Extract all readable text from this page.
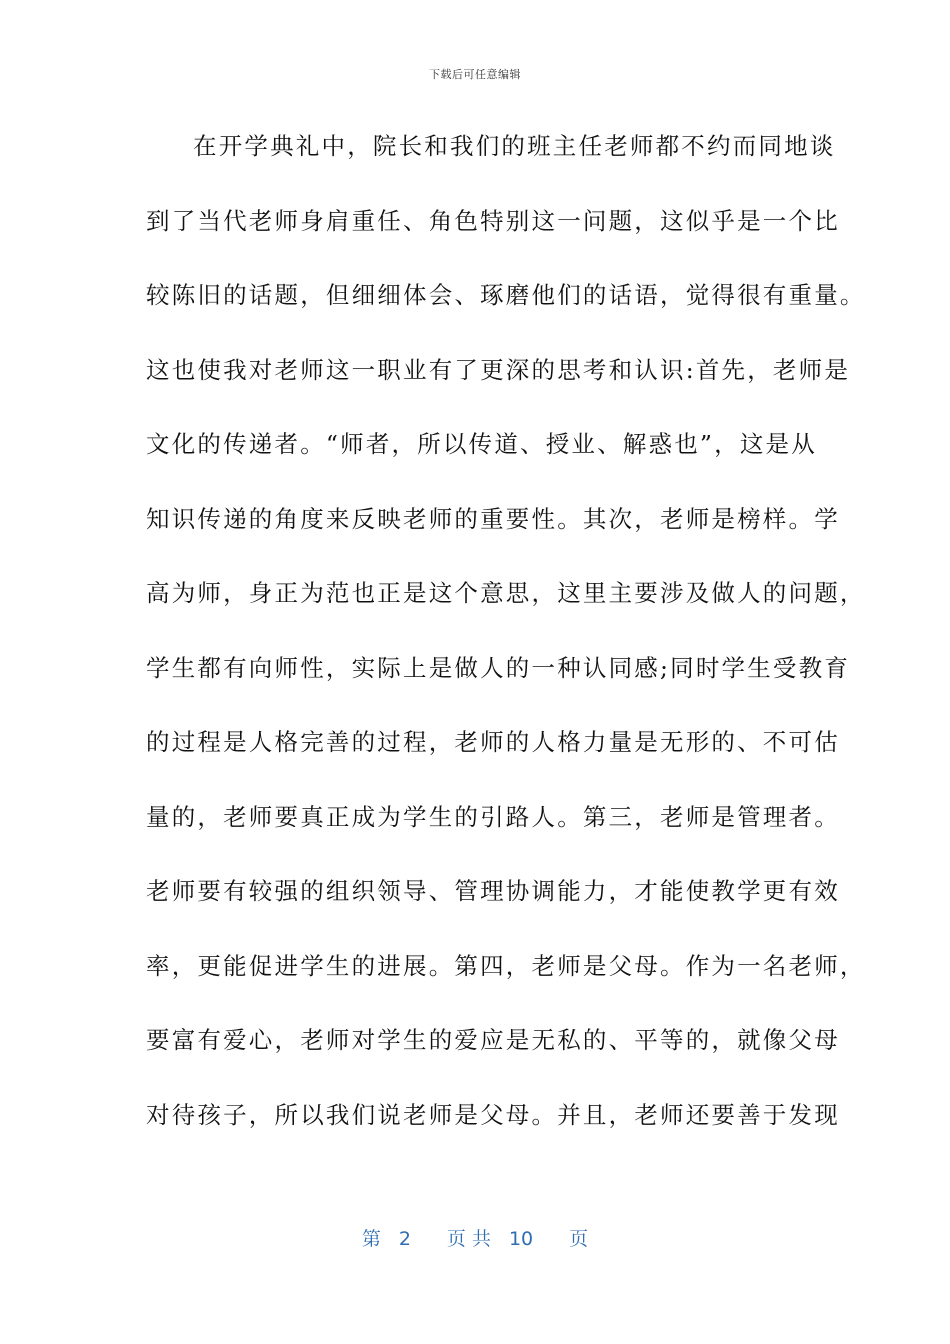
下载后可任意编辑
在开学典礼中，院长和我们的班主任老师都不约而同地谈
到了当代老师身肩重任、角色特别这一问题，这似乎是一个比
较陈旧的话题，但细细体会、琢磨他们的话语，觉得很有重量。
这也使我对老师这一职业有了更深的思考和认识:首先，老师是
文化的传递者。“师者，所以传道、授业、解惑也”，这是从
知识传递的角度来反映老师的重要性。其次，老师是榜样。学
高为师，身正为范也正是这个意思，这里主要涉及做人的问题，
学生都有向师性，实际上是做人的一种认同感;同时学生受教育
的过程是人格完善的过程，老师的人格力量是无形的、不可估
量的，老师要真正成为学生的引路人。第三，老师是管理者。
老师要有较强的组织领导、管理协调能力，才能使教学更有效
率，更能促进学生的进展。第四，老师是父母。作为一名老师，
要富有爱心，老师对学生的爱应是无私的、平等的，就像父母
对待孩子，所以我们说老师是父母。并且，老师还要善于发现
第 2 页 共 10 页
